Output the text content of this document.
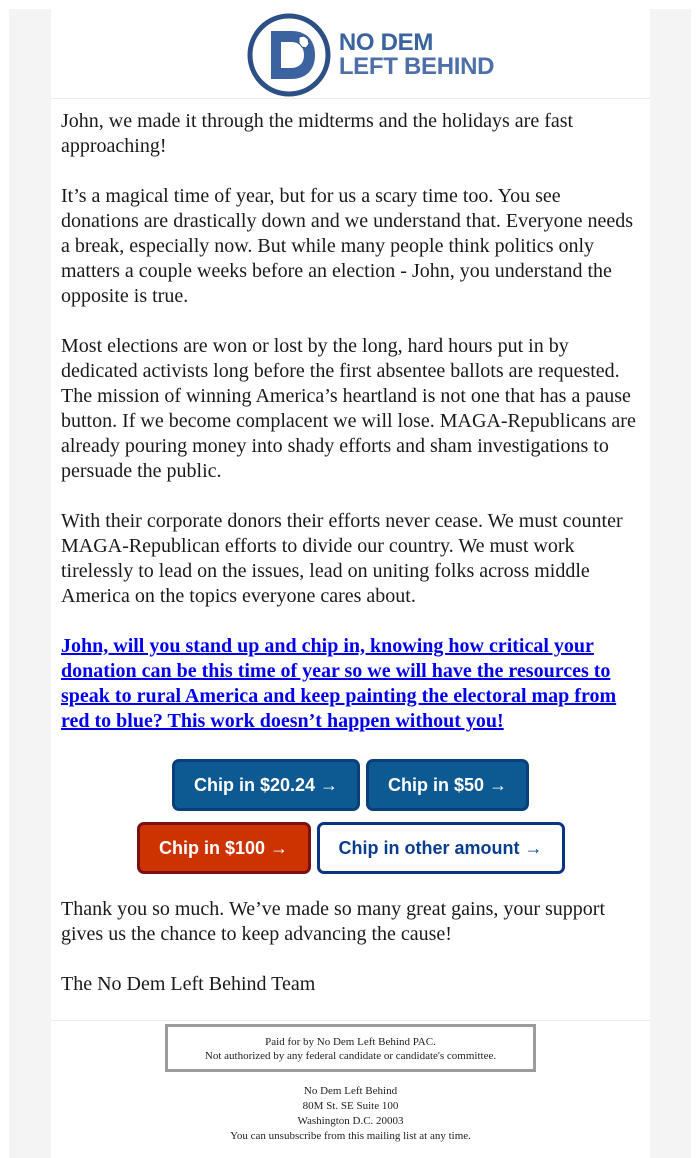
NO DEM
LEFT BEHIND

John, we made it through the midterms and the holidays are fast approaching!

It’s a magical time of year, but for us a scary time too. You see donations are drastically down and we understand that. Everyone needs a break, especially now. But while many people think politics only matters a couple weeks before an election - John, you understand the opposite is true.

Most elections are won or lost by the long, hard hours put in by dedicated activists long before the first absentee ballots are requested. The mission of winning America’s heartland is not one that has a pause button. If we become complacent we will lose. MAGA-Republicans are already pouring money into shady efforts and sham investigations to persuade the public.

With their corporate donors their efforts never cease. We must counter MAGA-Republican efforts to divide our country. We must work tirelessly to lead on the issues, lead on uniting folks across middle America on the topics everyone cares about.

John, will you stand up and chip in, knowing how critical your donation can be this time of year so we will have the resources to speak to rural America and keep painting the electoral map from red to blue? This work doesn’t happen without you!

Chip in $20.24 →	Chip in $50 →
Chip in $100 →	Chip in other amount →

Thank you so much. We’ve made so many great gains, your support gives us the chance to keep advancing the cause!

The No Dem Left Behind Team

Paid for by No Dem Left Behind PAC.
Not authorized by any federal candidate or candidate's committee.
No Dem Left Behind
80M St. SE Suite 100
Washington D.C. 20003
You can unsubscribe from this mailing list at any time.
